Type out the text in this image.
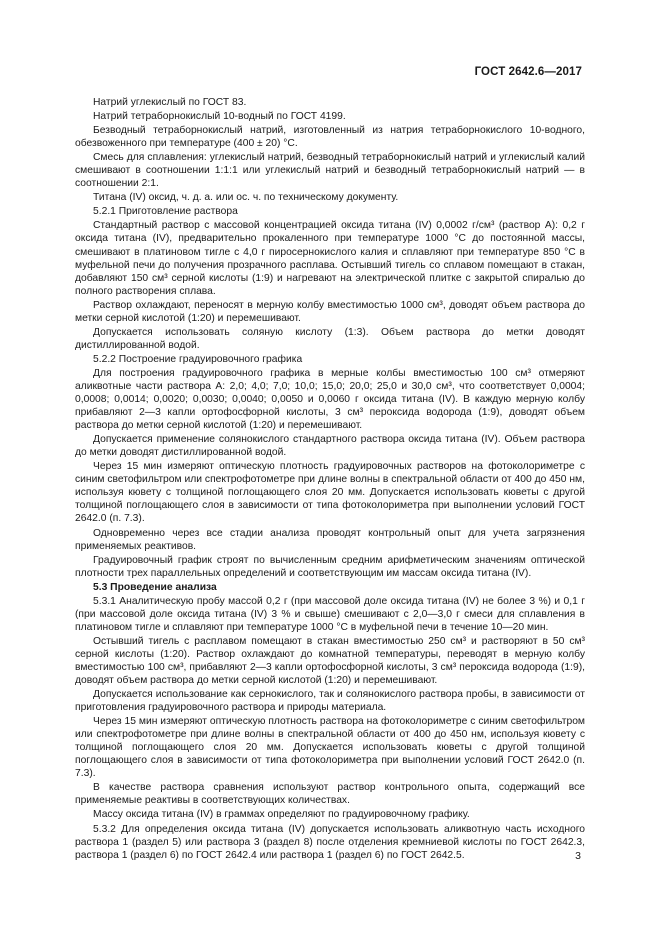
ГОСТ 2642.6—2017

Натрий углекислый по ГОСТ 83.

Натрий тетраборнокислый 10-водный по ГОСТ 4199.

Безводный тетраборнокислый натрий, изготовленный из натрия тетраборнокислого 10-водного, обезвоженного при температуре (400 ± 20) °С.

Смесь для сплавления: углекислый натрий, безводный тетраборнокислый натрий и углекислый калий смешивают в соотношении 1:1:1 или углекислый натрий и безводный тетраборнокислый натрий — в соотношении 2:1.

Титана (IV) оксид, ч. д. а. или ос. ч. по техническому документу.

5.2.1 Приготовление раствора

Стандартный раствор с массовой концентрацией оксида титана (IV) 0,0002 г/см³ (раствор А): 0,2 г оксида титана (IV), предварительно прокаленного при температуре 1000 °С до постоянной массы, смешивают в платиновом тигле с 4,0 г пиросернокислого калия и сплавляют при температуре 850 °С в муфельной печи до получения прозрачного расплава. Остывший тигель со сплавом помещают в стакан, добавляют 150 см³ серной кислоты (1:9) и нагревают на электрической плитке с закрытой спиралью до полного растворения сплава.

Раствор охлаждают, переносят в мерную колбу вместимостью 1000 см³, доводят объем раствора до метки серной кислотой (1:20) и перемешивают.

Допускается использовать соляную кислоту (1:3). Объем раствора до метки доводят дистиллированной водой.

5.2.2 Построение градуировочного графика

Для построения градуировочного графика в мерные колбы вместимостью 100 см³ отмеряют аликвотные части раствора А: 2,0; 4,0; 7,0; 10,0; 15,0; 20,0; 25,0 и 30,0 см³, что соответствует 0,0004; 0,0008; 0,0014; 0,0020; 0,0030; 0,0040; 0,0050 и 0,0060 г оксида титана (IV). В каждую мерную колбу прибавляют 2—3 капли ортофосфорной кислоты, 3 см³ пероксида водорода (1:9), доводят объем раствора до метки серной кислотой (1:20) и перемешивают.

Допускается применение солянокислого стандартного раствора оксида титана (IV). Объем раствора до метки доводят дистиллированной водой.

Через 15 мин измеряют оптическую плотность градуировочных растворов на фотоколориметре с синим светофильтром или спектрофотометре при длине волны в спектральной области от 400 до 450 нм, используя кювету с толщиной поглощающего слоя 20 мм. Допускается использовать кюветы с другой толщиной поглощающего слоя в зависимости от типа фотоколориметра при выполнении условий ГОСТ 2642.0 (п. 7.3).

Одновременно через все стадии анализа проводят контрольный опыт для учета загрязнения применяемых реактивов.

Градуировочный график строят по вычисленным средним арифметическим значениям оптической плотности трех параллельных определений и соответствующим им массам оксида титана (IV).

5.3 Проведение анализа

5.3.1 Аналитическую пробу массой 0,2 г (при массовой доле оксида титана (IV) не более 3 %) и 0,1 г (при массовой доле оксида титана (IV) 3 % и свыше) смешивают с 2,0—3,0 г смеси для сплавления в платиновом тигле и сплавляют при температуре 1000 °С в муфельной печи в течение 10—20 мин.

Остывший тигель с расплавом помещают в стакан вместимостью 250 см³ и растворяют в 50 см³ серной кислоты (1:20). Раствор охлаждают до комнатной температуры, переводят в мерную колбу вместимостью 100 см³, прибавляют 2—3 капли ортофосфорной кислоты, 3 см³ пероксида водорода (1:9), доводят объем раствора до метки серной кислотой (1:20) и перемешивают.

Допускается использование как сернокислого, так и солянокислого раствора пробы, в зависимости от приготовления градуировочного раствора и природы материала.

Через 15 мин измеряют оптическую плотность раствора на фотоколориметре с синим светофильтром или спектрофотометре при длине волны в спектральной области от 400 до 450 нм, используя кювету с толщиной поглощающего слоя 20 мм. Допускается использовать кюветы с другой толщиной поглощающего слоя в зависимости от типа фотоколориметра при выполнении условий ГОСТ 2642.0 (п. 7.3).

В качестве раствора сравнения используют раствор контрольного опыта, содержащий все применяемые реактивы в соответствующих количествах.

Массу оксида титана (IV) в граммах определяют по градуировочному графику.

5.3.2 Для определения оксида титана (IV) допускается использовать аликвотную часть исходного раствора 1 (раздел 5) или раствора 3 (раздел 8) после отделения кремниевой кислоты по ГОСТ 2642.3, раствора 1 (раздел 6) по ГОСТ 2642.4 или раствора 1 (раздел 6) по ГОСТ 2642.5.	3
